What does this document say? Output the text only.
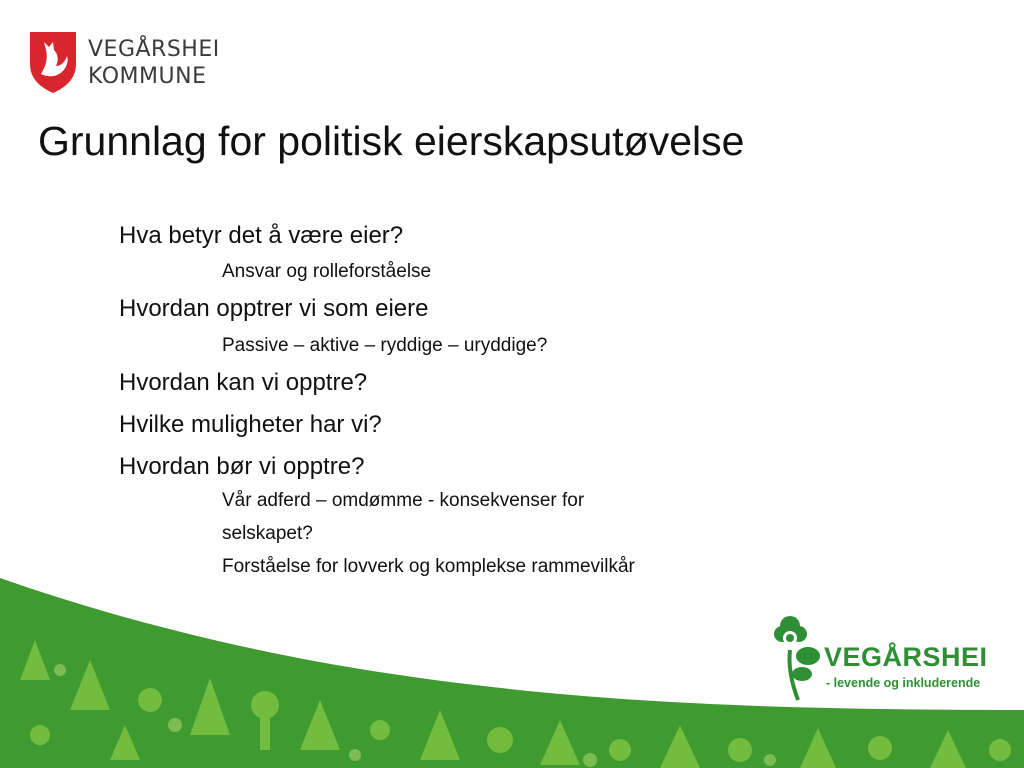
VEGÅRSHEI
KOMMUNE
Grunnlag for politisk eierskapsutøvelse
Hva betyr det å være eier?
Ansvar og rolleforståelse
Hvordan opptrer vi som eiere
Passive – aktive – ryddige – uryddige?
Hvordan kan vi opptre?
Hvilke muligheter har vi?
Hvordan bør vi opptre?
Vår adferd – omdømme - konsekvenser for
selskapet?
Forståelse for lovverk og komplekse rammevilkår
VEGÅRSHEI
- levende og inkluderende
